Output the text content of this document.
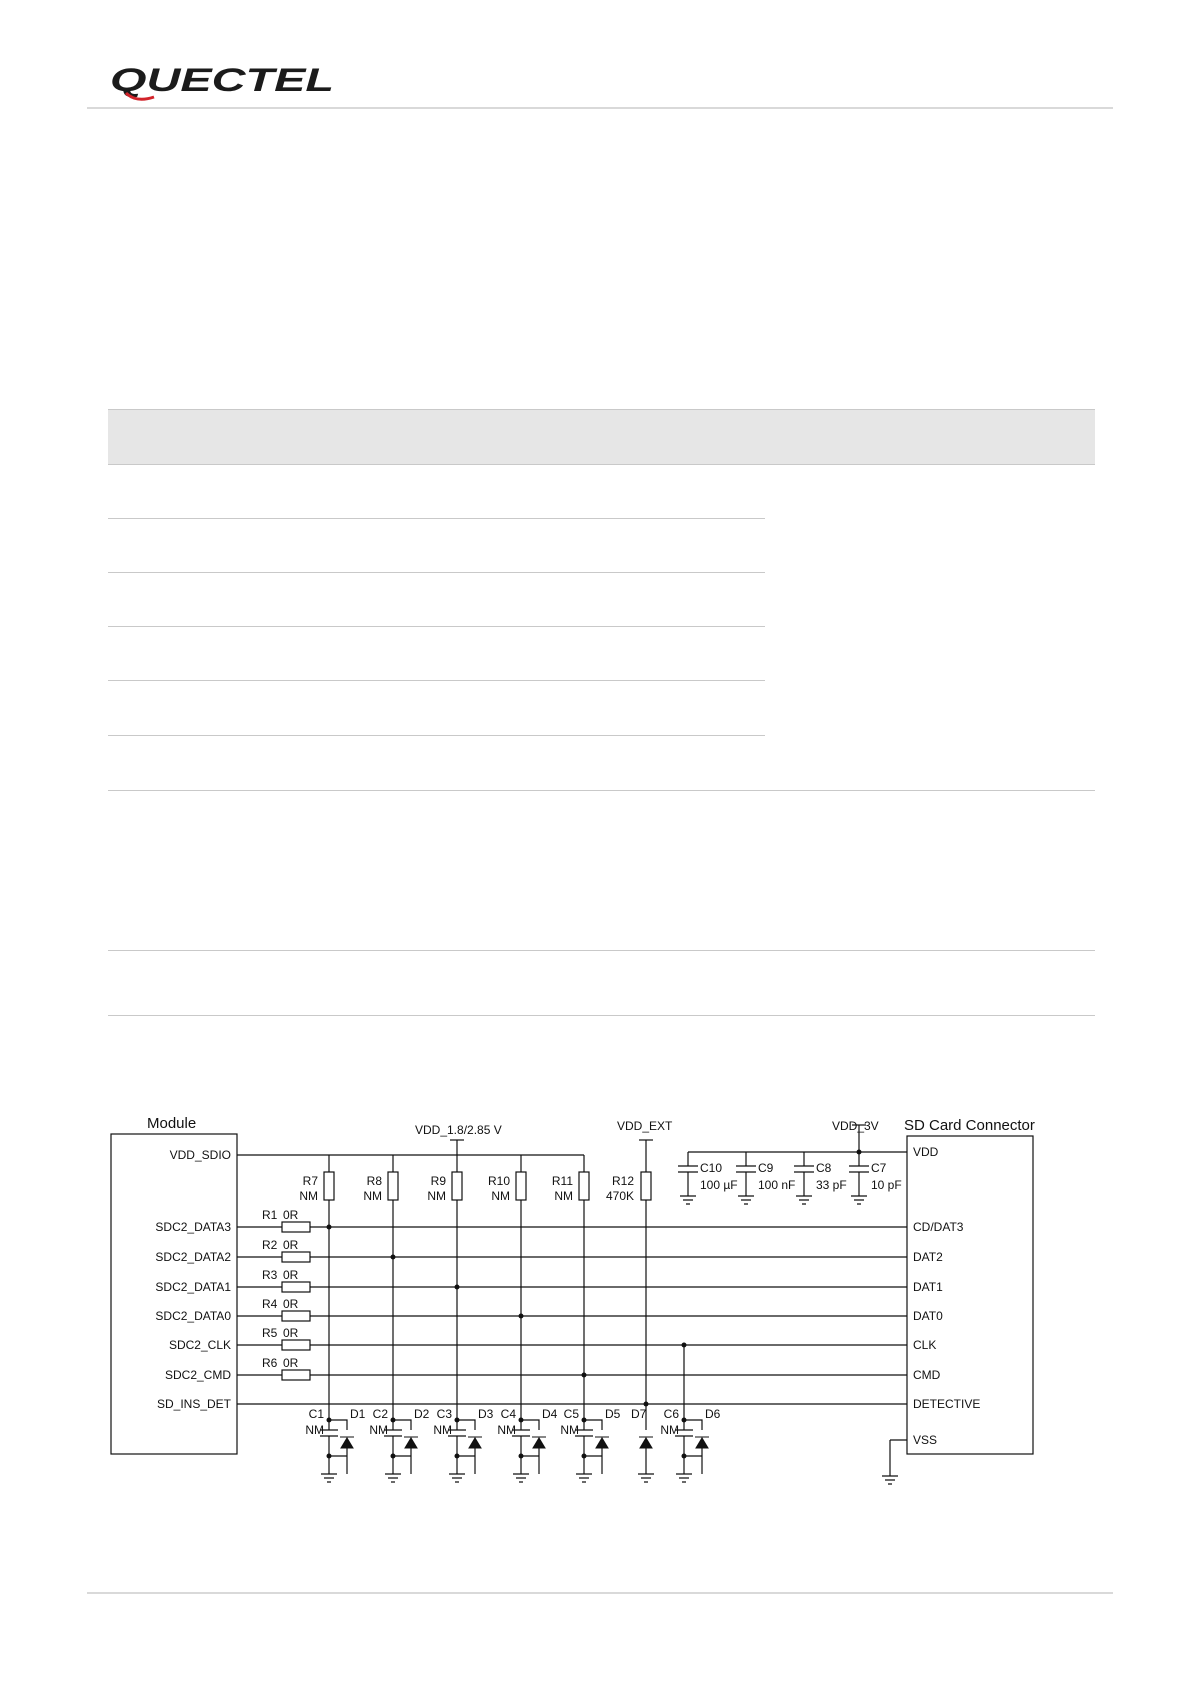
QUECTEL
Module	SD Card Connector
VDD_1.8/2.85 V	VDD_EXT	VDD_3V
VDD_SDIO
SDC2_DATA3
SDC2_DATA2
SDC2_DATA1
SDC2_DATA0
SDC2_CLK
SDC2_CMD
SD_INS_DET
VDD
CD/DAT3
DAT2
DAT1
DAT0
CLK
CMD
DETECTIVE
VSS
R1 0R
R2 0R
R3 0R
R4 0R
R5 0R
R6 0R
R7
NM
R8
NM
R9
NM
R10
NM
R11
NM
R12
470K
C10
100 µF
C9
100 nF
C8
33 pF
C7
10 pF
C1
NM
C2
NM
C3
NM
C4
NM
C5
NM
C6
NM
D1	D2	D3	D4	D5 D7	D6
